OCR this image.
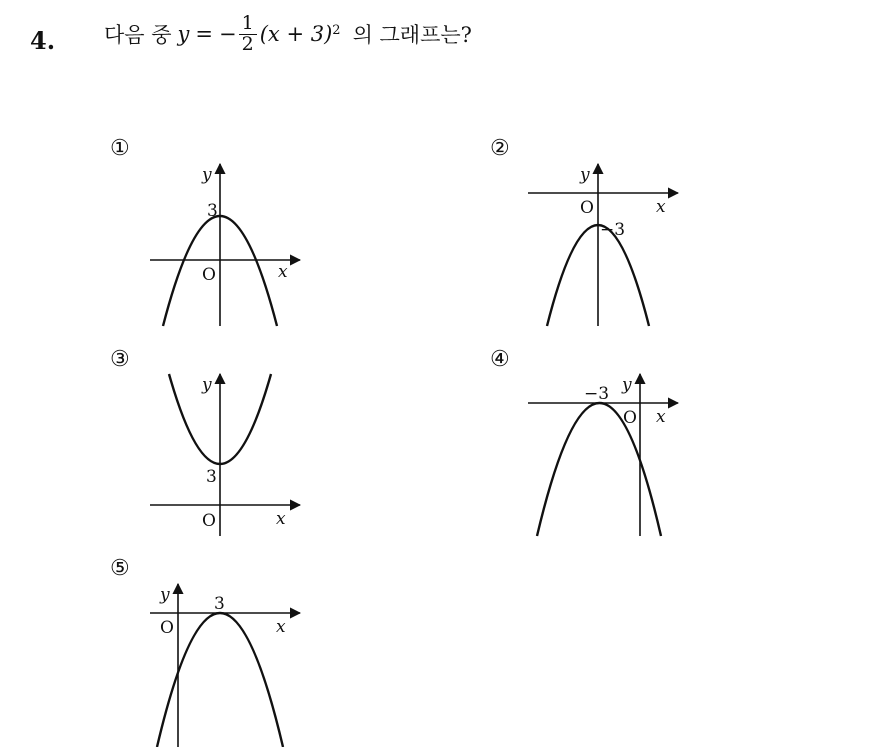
4. 다음 중 y = − $\frac{1}{2} (x + 3)$ 2 의 그래프는?
①
y
3
O	x
②
y
O	x
−3
③
y
3
O	x
④
−3 y
O x
⑤
y	3
O	x
